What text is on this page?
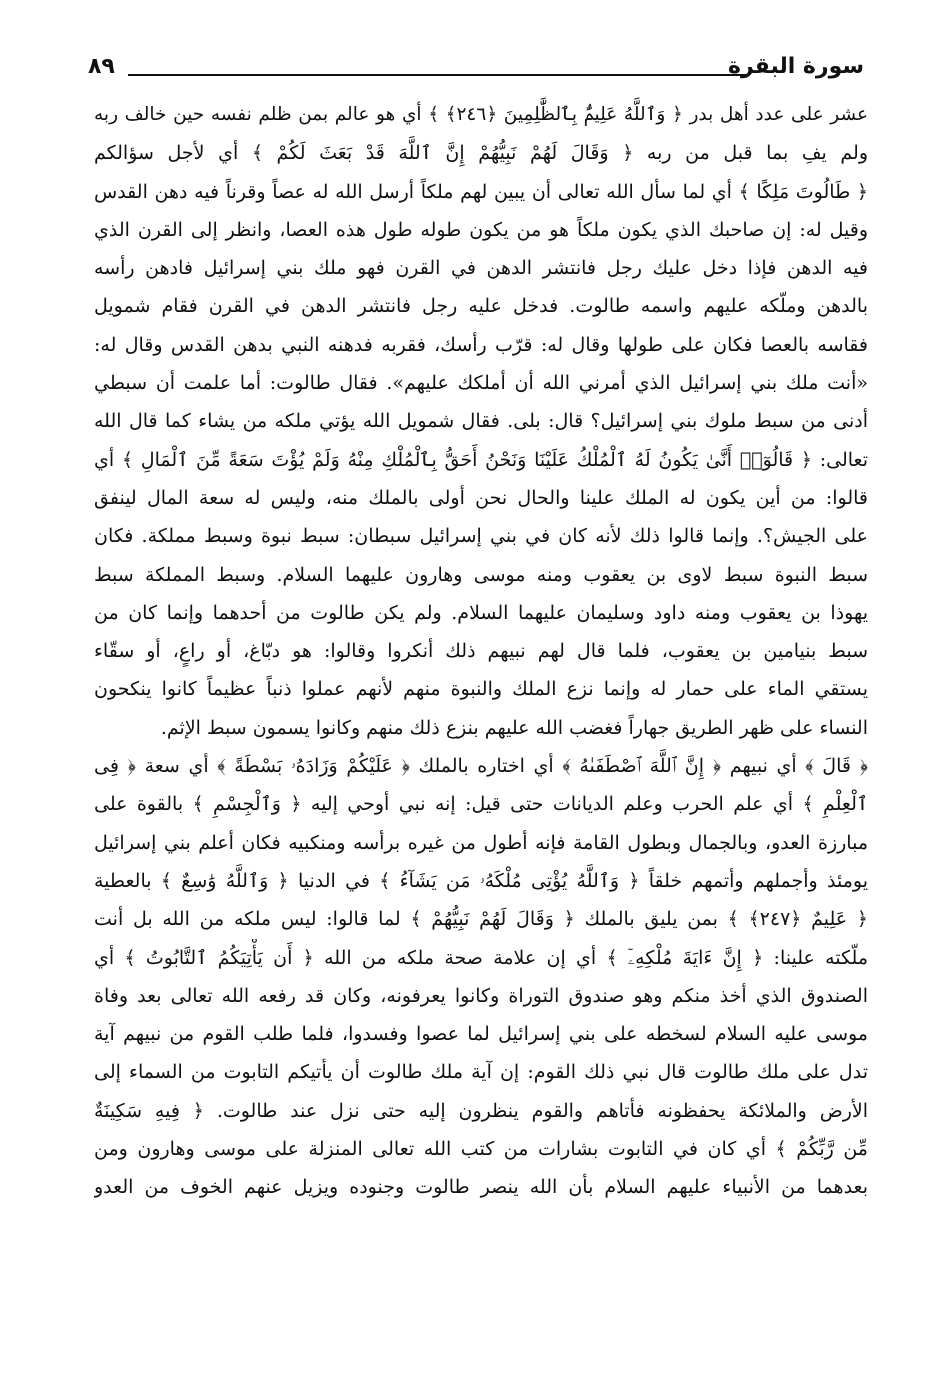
سورة البقرة
٨٩
عشر على عدد أهل بدر ﴿ وَٱللَّهُ عَلِيمٌۢ بِٱلظَّٰلِمِينَ ﴿٢٤٦﴾ ﴾ أي هو عالم بمن ظلم نفسه حين خالف ربه
ولم يفِ بما قبل من ربه ﴿ وَقَالَ لَهُمْ نَبِيُّهُمْ إِنَّ ٱللَّهَ قَدْ بَعَثَ لَكُمْ ﴾ أي لأجل سؤالكم
﴿ طَالُوتَ مَلِكًا ﴾ أي لما سأل الله تعالى أن يبين لهم ملكاً أرسل الله له عصاً وقرناً فيه دهن القدس
وقيل له: إن صاحبك الذي يكون ملكاً هو من يكون طوله طول هذه العصا، وانظر إلى القرن الذي
فيه الدهن فإذا دخل عليك رجل فانتشر الدهن في القرن فهو ملك بني إسرائيل فادهن رأسه
بالدهن وملّكه عليهم واسمه طالوت. فدخل عليه رجل فانتشر الدهن في القرن فقام شمويل
فقاسه بالعصا فكان على طولها وقال له: قرّب رأسك، فقربه فدهنه النبي بدهن القدس وقال له:
«أنت ملك بني إسرائيل الذي أمرني الله أن أملكك عليهم». فقال طالوت: أما علمت أن سبطي
أدنى من سبط ملوك بني إسرائيل؟ قال: بلى. فقال شمويل الله يؤتي ملكه من يشاء كما قال الله
تعالى: ﴿ قَالُوٓا۟ أَنَّىٰ يَكُونُ لَهُ ٱلْمُلْكُ عَلَيْنَا وَنَحْنُ أَحَقُّ بِٱلْمُلْكِ مِنْهُ وَلَمْ يُؤْتَ سَعَةً مِّنَ ٱلْمَالِ ﴾ أي
قالوا: من أين يكون له الملك علينا والحال نحن أولى بالملك منه، وليس له سعة المال لينفق
على الجيش؟. وإنما قالوا ذلك لأنه كان في بني إسرائيل سبطان: سبط نبوة وسبط مملكة. فكان
سبط النبوة سبط لاوى بن يعقوب ومنه موسى وهارون عليهما السلام. وسبط المملكة سبط
يهوذا بن يعقوب ومنه داود وسليمان عليهما السلام. ولم يكن طالوت من أحدهما وإنما كان من
سبط بنيامين بن يعقوب، فلما قال لهم نبيهم ذلك أنكروا وقالوا: هو دبّاغ، أو راعٍ، أو سقّاء
يستقي الماء على حمار له وإنما نزع الملك والنبوة منهم لأنهم عملوا ذنباً عظيماً كانوا ينكحون
النساء على ظهر الطريق جهاراً فغضب الله عليهم بنزع ذلك منهم وكانوا يسمون سبط الإثم.
﴿ قَالَ ﴾ أي نبيهم ﴿ إِنَّ ٱللَّهَ ٱصْطَفَىٰهُ ﴾ أي اختاره بالملك ﴿ عَلَيْكُمْ وَزَادَهُۥ بَسْطَةً ﴾ أي سعة ﴿ فِى
ٱلْعِلْمِ ﴾ أي علم الحرب وعلم الديانات حتى قيل: إنه نبي أوحي إليه ﴿ وَٱلْجِسْمِ ﴾ بالقوة على
مبارزة العدو، وبالجمال وبطول القامة فإنه أطول من غيره برأسه ومنكبيه فكان أعلم بني إسرائيل
يومئذ وأجملهم وأتمهم خلقاً ﴿ وَٱللَّهُ يُؤْتِى مُلْكَهُۥ مَن يَشَآءُ ﴾ في الدنيا ﴿ وَٱللَّهُ وَٰسِعٌ ﴾ بالعطية
﴿ عَلِيمٌ ﴿٢٤٧﴾ ﴾ بمن يليق بالملك ﴿ وَقَالَ لَهُمْ نَبِيُّهُمْ ﴾ لما قالوا: ليس ملكه من الله بل أنت
ملّكته علينا: ﴿ إِنَّ ءَايَةَ مُلْكِهِۦٓ ﴾ أي إن علامة صحة ملكه من الله ﴿ أَن يَأْتِيَكُمُ ٱلتَّابُوتُ ﴾ أي
الصندوق الذي أخذ منكم وهو صندوق التوراة وكانوا يعرفونه، وكان قد رفعه الله تعالى بعد وفاة
موسى عليه السلام لسخطه على بني إسرائيل لما عصوا وفسدوا، فلما طلب القوم من نبيهم آية
تدل على ملك طالوت قال نبي ذلك القوم: إن آية ملك طالوت أن يأتيكم التابوت من السماء إلى
الأرض والملائكة يحفظونه فأتاهم والقوم ينظرون إليه حتى نزل عند طالوت. ﴿ فِيهِ سَكِينَةٌ
مِّن رَّبِّكُمْ ﴾ أي كان في التابوت بشارات من كتب الله تعالى المنزلة على موسى وهارون ومن
بعدهما من الأنبياء عليهم السلام بأن الله ينصر طالوت وجنوده ويزيل عنهم الخوف من العدو
